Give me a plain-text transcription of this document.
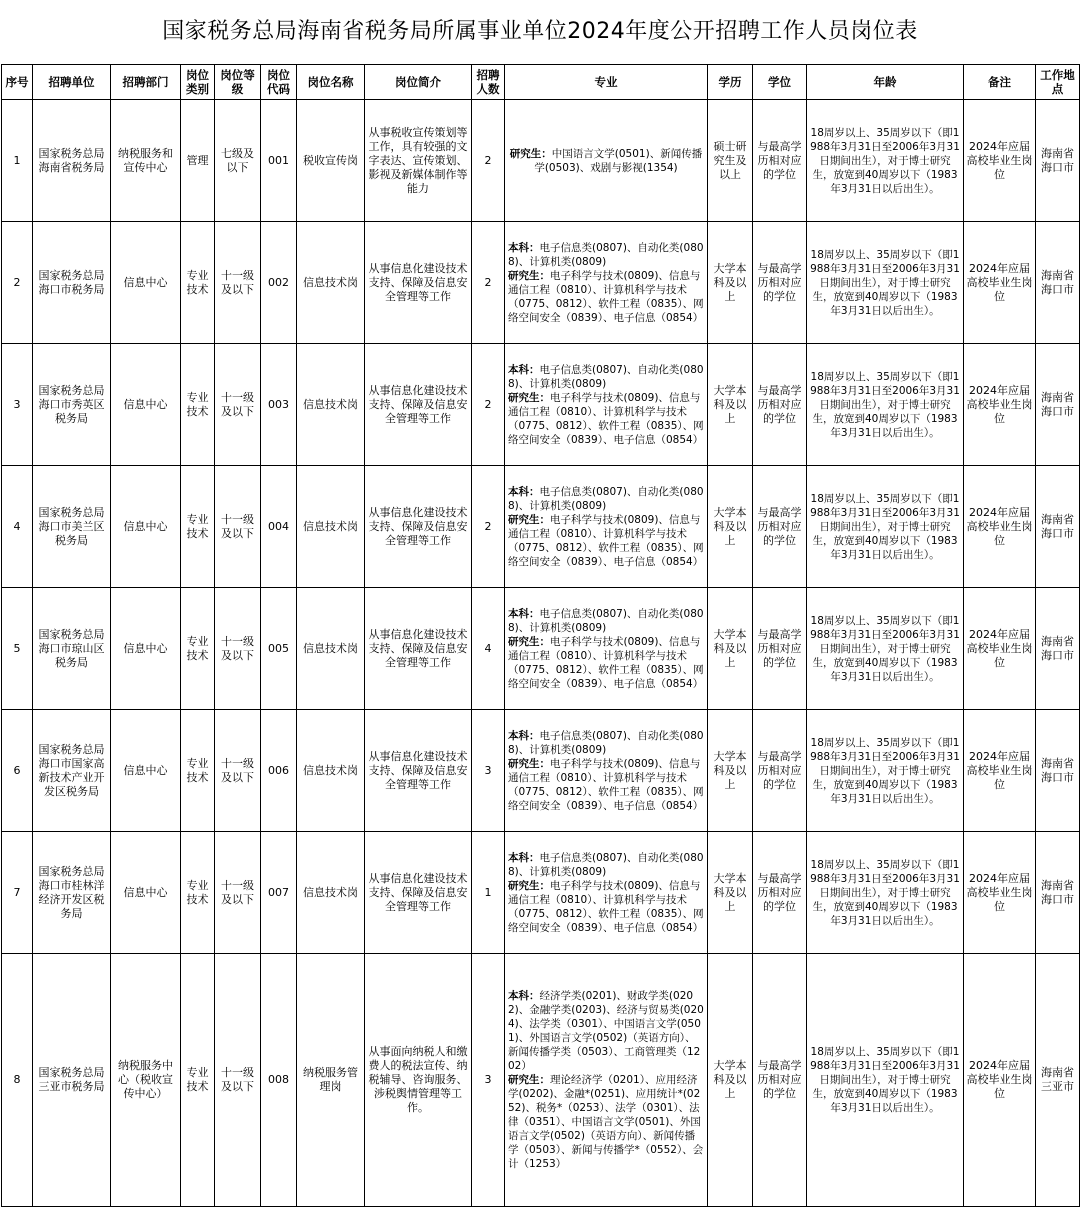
国家税务总局海南省税务局所属事业单位2024年度公开招聘工作人员岗位表
序号	招聘单位	招聘部门	岗位类别	岗位等级	岗位代码	岗位名称	岗位简介	招聘人数	专业	学历	学位	年龄	备注	工作地点
1	国家税务总局海南省税务局	纳税服务和宣传中心	管理	七级及以下	001	税收宣传岗	从事税收宣传策划等工作，具有较强的文字表达、宣传策划、影视及新媒体制作等能力	2	研究生：中国语言文学(0501)、新闻传播学(0503)、戏剧与影视(1354)	硕士研究生及以上	与最高学历相对应的学位	18周岁以上、35周岁以下（即1988年3月31日至2006年3月31日期间出生），对于博士研究生，放宽到40周岁以下（1983年3月31日以后出生）。	2024年应届高校毕业生岗位	海南省海口市
2	国家税务总局海口市税务局	信息中心	专业技术	十一级及以下	002	信息技术岗	从事信息化建设技术支持、保障及信息安全管理等工作	2	本科：电子信息类(0807)、自动化类(0808)、计算机类(0809)
研究生：电子科学与技术(0809)、信息与通信工程（0810）、计算机科学与技术（0775、0812）、软件工程（0835）、网络空间安全（0839）、电子信息（0854）	大学本科及以上	与最高学历相对应的学位	18周岁以上、35周岁以下（即1988年3月31日至2006年3月31日期间出生），对于博士研究生，放宽到40周岁以下（1983年3月31日以后出生）。	2024年应届高校毕业生岗位	海南省海口市
3	国家税务总局海口市秀英区税务局	信息中心	专业技术	十一级及以下	003	信息技术岗	从事信息化建设技术支持、保障及信息安全管理等工作	2	本科：电子信息类(0807)、自动化类(0808)、计算机类(0809)
研究生：电子科学与技术(0809)、信息与通信工程（0810）、计算机科学与技术（0775、0812）、软件工程（0835）、网络空间安全（0839）、电子信息（0854）	大学本科及以上	与最高学历相对应的学位	18周岁以上、35周岁以下（即1988年3月31日至2006年3月31日期间出生），对于博士研究生，放宽到40周岁以下（1983年3月31日以后出生）。	2024年应届高校毕业生岗位	海南省海口市
4	国家税务总局海口市美兰区税务局	信息中心	专业技术	十一级及以下	004	信息技术岗	从事信息化建设技术支持、保障及信息安全管理等工作	2	本科：电子信息类(0807)、自动化类(0808)、计算机类(0809)
研究生：电子科学与技术(0809)、信息与通信工程（0810）、计算机科学与技术（0775、0812）、软件工程（0835）、网络空间安全（0839）、电子信息（0854）	大学本科及以上	与最高学历相对应的学位	18周岁以上、35周岁以下（即1988年3月31日至2006年3月31日期间出生），对于博士研究生，放宽到40周岁以下（1983年3月31日以后出生）。	2024年应届高校毕业生岗位	海南省海口市
5	国家税务总局海口市琼山区税务局	信息中心	专业技术	十一级及以下	005	信息技术岗	从事信息化建设技术支持、保障及信息安全管理等工作	4	本科：电子信息类(0807)、自动化类(0808)、计算机类(0809)
研究生：电子科学与技术(0809)、信息与通信工程（0810）、计算机科学与技术（0775、0812）、软件工程（0835）、网络空间安全（0839）、电子信息（0854）	大学本科及以上	与最高学历相对应的学位	18周岁以上、35周岁以下（即1988年3月31日至2006年3月31日期间出生），对于博士研究生，放宽到40周岁以下（1983年3月31日以后出生）。	2024年应届高校毕业生岗位	海南省海口市
6	国家税务总局海口市国家高新技术产业开发区税务局	信息中心	专业技术	十一级及以下	006	信息技术岗	从事信息化建设技术支持、保障及信息安全管理等工作	3	本科：电子信息类(0807)、自动化类(0808)、计算机类(0809)
研究生：电子科学与技术(0809)、信息与通信工程（0810）、计算机科学与技术（0775、0812）、软件工程（0835）、网络空间安全（0839）、电子信息（0854）	大学本科及以上	与最高学历相对应的学位	18周岁以上、35周岁以下（即1988年3月31日至2006年3月31日期间出生），对于博士研究生，放宽到40周岁以下（1983年3月31日以后出生）。	2024年应届高校毕业生岗位	海南省海口市
7	国家税务总局海口市桂林洋经济开发区税务局	信息中心	专业技术	十一级及以下	007	信息技术岗	从事信息化建设技术支持、保障及信息安全管理等工作	1	本科：电子信息类(0807)、自动化类(0808)、计算机类(0809)
研究生：电子科学与技术(0809)、信息与通信工程（0810）、计算机科学与技术（0775、0812）、软件工程（0835）、网络空间安全（0839）、电子信息（0854）	大学本科及以上	与最高学历相对应的学位	18周岁以上、35周岁以下（即1988年3月31日至2006年3月31日期间出生），对于博士研究生，放宽到40周岁以下（1983年3月31日以后出生）。	2024年应届高校毕业生岗位	海南省海口市
8	国家税务总局三亚市税务局	纳税服务中心（税收宣传中心）	专业技术	十一级及以下	008	纳税服务管理岗	从事面向纳税人和缴费人的税法宣传、纳税辅导、咨询服务、涉税舆情管理等工作。	3	本科：经济学类(0201)、财政学类(0202)、金融学类(0203)、经济与贸易类(0204)、法学类（0301）、中国语言文学(0501)、外国语言文学(0502)（英语方向）、新闻传播学类（0503）、工商管理类（1202）
研究生：理论经济学（0201）、应用经济学(0202)、金融*(0251)、应用统计*(0252)、税务*（0253）、法学（0301）、法律（0351）、中国语言文学(0501)、外国语言文学(0502)（英语方向）、新闻传播学（0503）、新闻与传播学*（0552）、会计（1253）	大学本科及以上	与最高学历相对应的学位	18周岁以上、35周岁以下（即1988年3月31日至2006年3月31日期间出生），对于博士研究生，放宽到40周岁以下（1983年3月31日以后出生）。	2024年应届高校毕业生岗位	海南省三亚市
